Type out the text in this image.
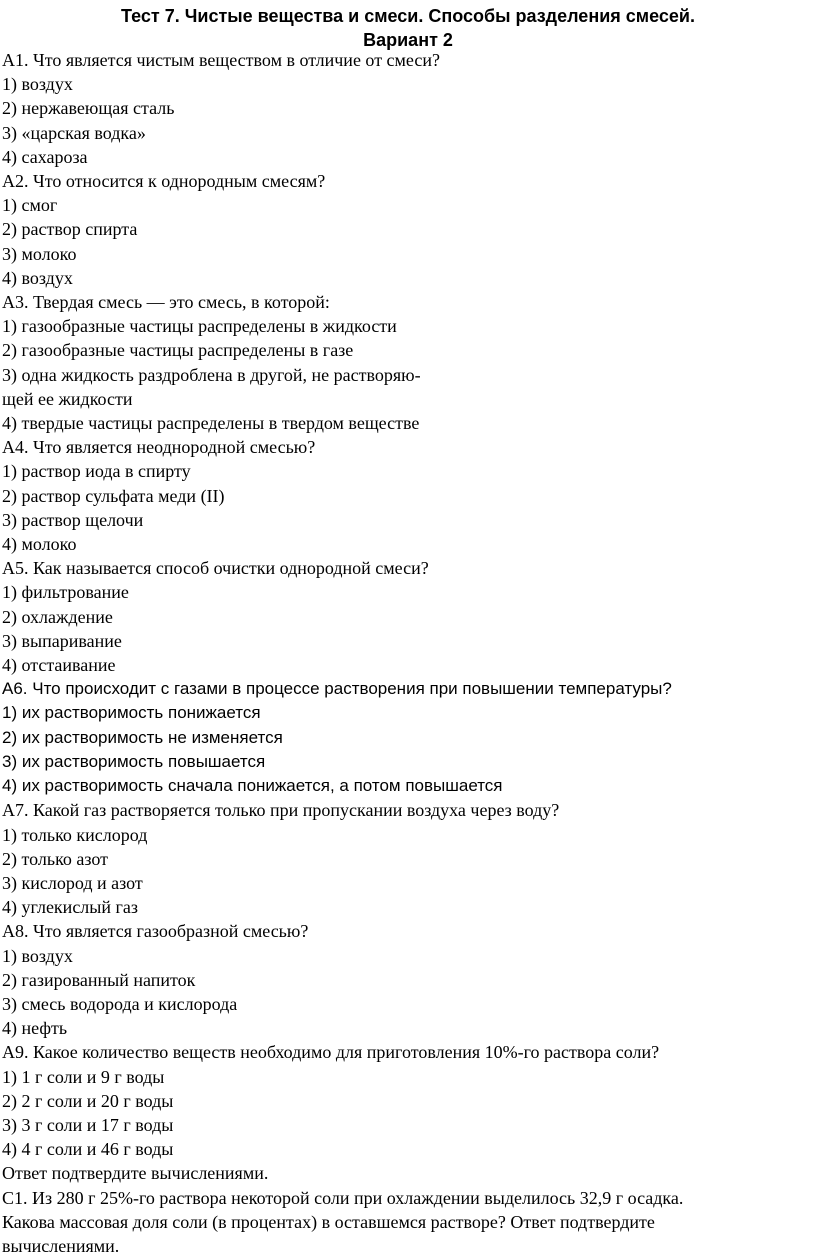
Тест 7. Чистые вещества и смеси. Способы разделения смесей.
Вариант 2
А1. Что является чистым веществом в отличие от смеси?
1) воздух
2) нержавеющая сталь
3) «царская водка»
4) сахароза
А2. Что относится к однородным смесям?
1) смог
2) раствор спирта
3) молоко
4) воздух
А3. Твердая смесь — это смесь, в которой:
1) газообразные частицы распределены в жидкости
2) газообразные частицы распределены в газе
3) одна жидкость раздроблена в другой, не растворяю-
щей ее жидкости
4) твердые частицы распределены в твердом веществе
А4. Что является неоднородной смесью?
1) раствор иода в спирту
2) раствор сульфата меди (II)
3) раствор щелочи
4) молоко
А5. Как называется способ очистки однородной смеси?
1) фильтрование
2) охлаждение
3) выпаривание
4) отстаивание
А6. Что происходит с газами в процессе растворения при повышении температуры?
1) их растворимость понижается
2) их растворимость не изменяется
3) их растворимость повышается
4) их растворимость сначала понижается, а потом повышается
А7. Какой газ растворяется только при пропускании воздуха через воду?
1) только кислород
2) только азот
3) кислород и азот
4) углекислый газ
А8. Что является газообразной смесью?
1) воздух
2) газированный напиток
3) смесь водорода и кислорода
4) нефть
А9. Какое количество веществ необходимо для приготовления 10%-го раствора соли?
1) 1 г соли и 9 г воды
2) 2 г соли и 20 г воды
3) 3 г соли и 17 г воды
4) 4 г соли и 46 г воды
Ответ подтвердите вычислениями.
С1. Из 280 г 25%-го раствора некоторой соли при охлаждении выделилось 32,9 г осадка.
Какова массовая доля соли (в процентах) в оставшемся растворе? Ответ подтвердите
вычислениями.
